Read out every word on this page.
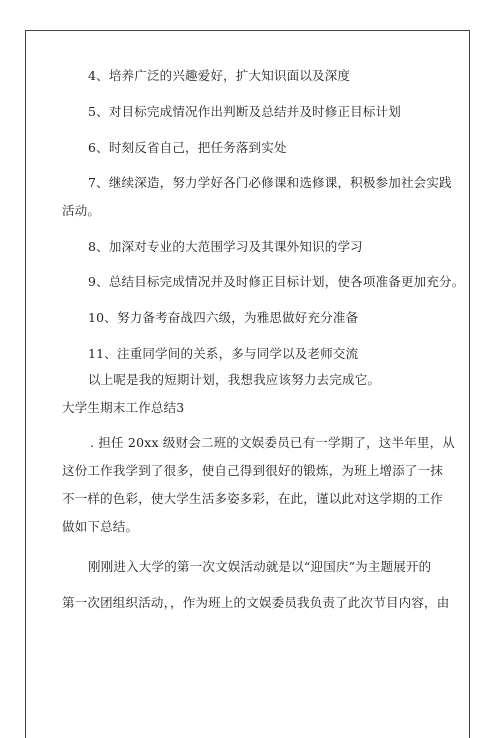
4、培养广泛的兴趣爱好，扩大知识面以及深度
5、对目标完成情况作出判断及总结并及时修正目标计划
6、时刻反省自己，把任务落到实处
7、继续深造，努力学好各门必修课和选修课，积极参加社会实践
活动。
8、加深对专业的大范围学习及其课外知识的学习
9、总结目标完成情况并及时修正目标计划，使各项准备更加充分。
10、努力备考奋战四六级，为雅思做好充分准备
11、注重同学间的关系，多与同学以及老师交流
以上呢是我的短期计划，我想我应该努力去完成它。
大学生期末工作总结3
. 担任 20xx 级财会二班的文娱委员已有一学期了，这半年里，从
这份工作我学到了很多，使自己得到很好的锻炼，为班上增添了一抹
不一样的色彩，使大学生活多姿多彩，在此，谨以此对这学期的工作
做如下总结。
刚刚进入大学的第一次文娱活动就是以“迎国庆”为主题展开的
第一次团组织活动，，作为班上的文娱委员我负责了此次节目内容，由
